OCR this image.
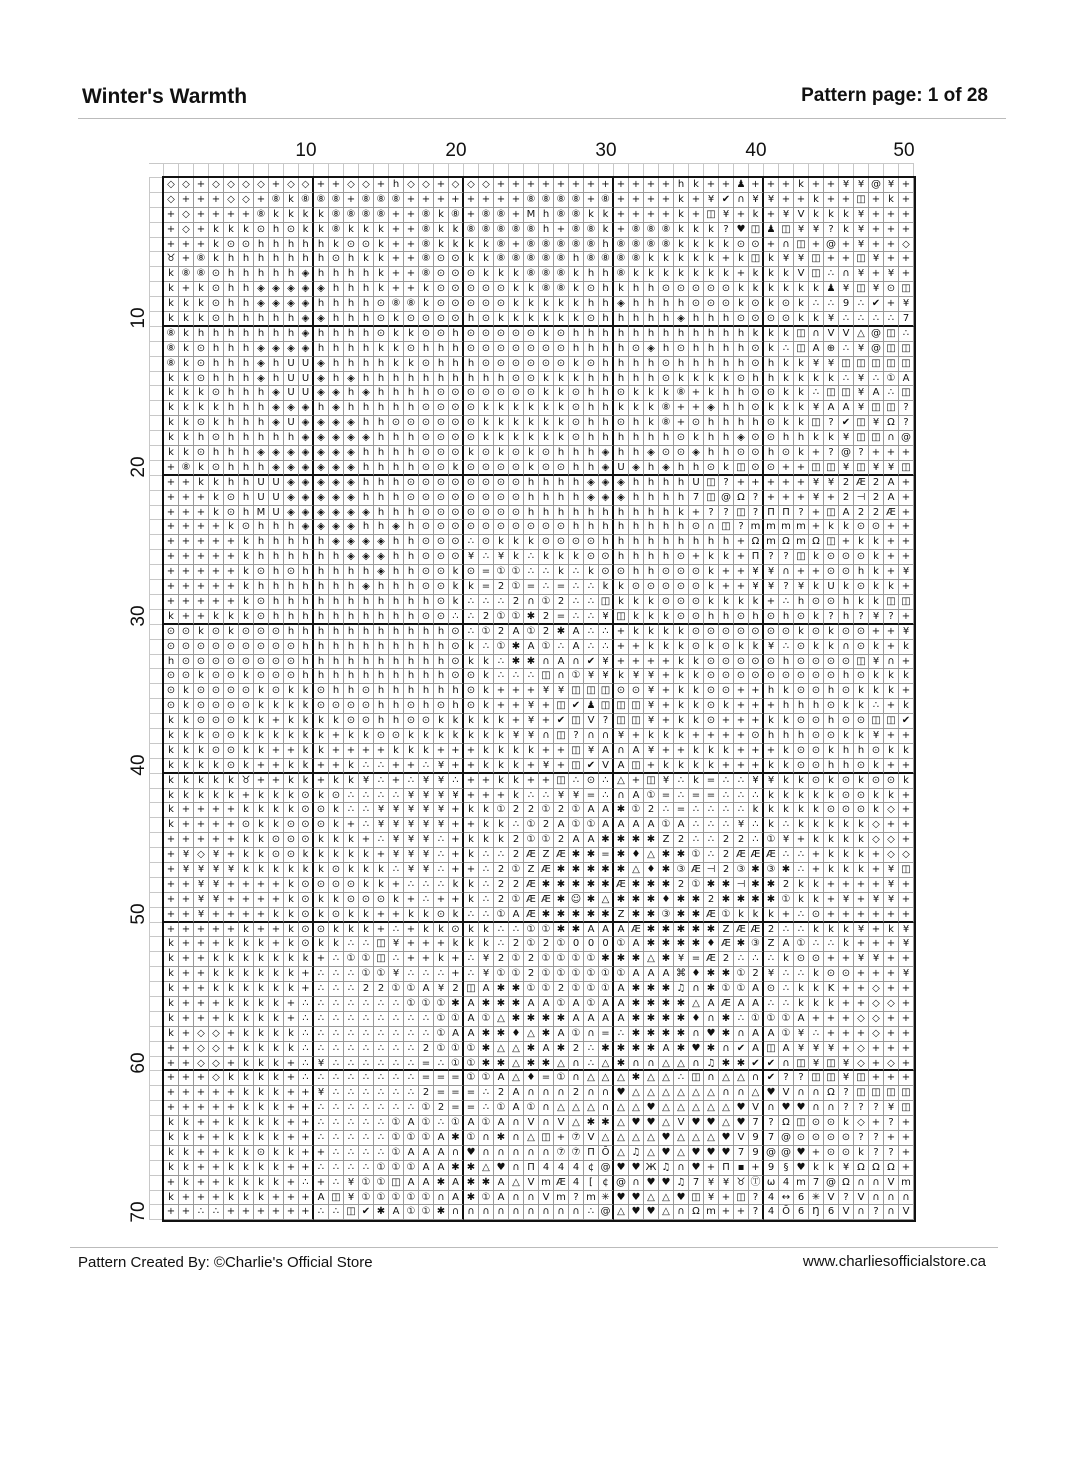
Winter's Warmth	Pattern page: 1 of 28
10	20	30	40	50
10
20
30
40
50
60
70
◇ ◇ + ◇ ◇ ◇ ◇ + ◇ ◇ + + ◇ ◇ + h ◇ ◇ + ◇ ◇ ◇ + + + + + + + + + + + + h k + + ♟ + + + k + + ¥ ¥ @ ¥ +
◇ + + + ◇ ◇ + ⑧ k ⑧ ⑧ ⑧ + ⑧ ⑧ ⑧ + + + + + + + + ⑧ ⑧ ⑧ ⑧ + ⑧ + + + + k + ¥ ✔ ∩ ¥ ¥ + + k + + ◫ + k +
+ ◇ + + + + ⑧ k k k k ⑧ ⑧ ⑧ ⑧ + + ⑧ k ⑧ + ⑧ ⑧ + M h ⑧ ⑧ k k + + + + k + ◫ ¥ + k + ¥ V k k k ¥ + + +
+ ◇ + k k k ⊙ h ⊙ k k ⑧ k k k + + ⑧ k k ⑧ ⑧ ⑧ ⑧ ⑧ h + ⑧ ⑧ k + ⑧ ⑧ ⑧ k k k ? ♥ ◫ ♟ ◫ ¥ ¥ ? k ¥ + + +
+ + + k ⊙ ⊙ h h h h h k ⊙ ⊙ k + + ⑧ k k k k ⑧ + ⑧ ⑧ ⑧ ⑧ ⑧ h ⑧ ⑧ ⑧ ⑧ k k k k ⊙ ⊙ + ∩ ◫ + @ + ¥ + + ◇
♉ + ⑧ k h h h h h h h ⊙ h k k + + ⑧ ⊙ ⊙ k k ⑧ ⑧ ⑧ ⑧ ⑧ h ⑧ ⑧ ⑧ ⑧ k k k k k + k ◫ k ¥ ¥ ◫ + + ◫ ¥ + +
k ⑧ ⑧ ⊙ h h h h h ◈ h h h h k + + ⑧ ⊙ ⊙ ⊙ k k k ⑧ ⑧ ⑧ k h h ⑧ k k k k k k k + k k k V ◫ ∴ ∩ ¥ + ¥ +
k + k ⊙ h h ◈ ◈ ◈ ◈ ◈ h h h k + + k ⊙ ⊙ ⊙ ⊙ ⊙ k k ⑧ ⑧ k ⊙ h k h h ⊙ ⊙ ⊙ ⊙ ⊙ k k k k k k ♟ ¥ ◫ ¥ ⊙ ◫
k k k ⊙ h h ◈ ◈ ◈ ◈ h h h h ⊙ ⑧ ⑧ k ⊙ ⊙ ⊙ ⊙ ⊙ k k k k k h h ◈ h h h h ⊙ ⊙ ⊙ k ⊙ k ⊙ k ∴ ∴ 9 ∴ ✔ + ¥
k k k ⊙ h h h h h ◈ ◈ h h h ⊙ k ⊙ ⊙ ⊙ ⊙ h ⊙ k k k k k k ⊙ h h h h h ◈ h h h ⊙ ⊙ ⊙ ⊙ k k ¥ ∴ ∴ ∴ ∴ 7
⑧ k h h h h h h h ◈ h h h h ⊙ k k ⊙ ⊙ h ⊙ ⊙ ⊙ ⊙ ⊙ k ⊙ h h h h h h h h h h h h k k k ◫ ∩ V V △ @ ◫ ∴
⑧ k ⊙ h h h ◈ ◈ ◈ ◈ h h h h k k ⊙ h h h ⊙ ⊙ ⊙ ⊙ ⊙ ⊙ ⊙ h h h h ⊙ ◈ h ⊙ h h h h ⊙ k ∴ ◫ A ⊕ ∴ ¥ @ ◫ ◫
⑧ k ⊙ h h h ◈ h U U ◈ h h h h k k ⊙ h h h ⊙ ⊙ ⊙ ⊙ ⊙ ⊙ k ⊙ h h h h ⊙ h h h h h ⊙ h k k ¥ ¥ ◫ ◫ ◫ ◫ ◫
k k ⊙ h h h ◈ h U U ◈ h ◈ h h h h h h h h h h ⊙ ⊙ k k k h h h h h ⊙ k k k k ⊙ h h k k k k ∴ ¥ ∴ ① A
k k k ⊙ h h h ◈ U U ◈ ◈ h ◈ h h h h ⊙ ⊙ ⊙ ⊙ ⊙ ⊙ ⊙ k k ⊙ h h ⊙ k k k ⑧ + k h h ⊙ ⊙ k k ∴ ◫ ◫ ¥ A ∴ ◫
k k k k h h h ◈ ◈ ◈ h ◈ h h h h h ⊙ ⊙ ⊙ ⊙ k k k k k k ⊙ h h k k k ⑧ + + ◈ h h ⊙ k k k ¥ A A ¥ ◫ ◫ ?
k k ⊙ k h h h ◈ U ◈ ◈ ◈ ◈ h h ⊙ ⊙ ⊙ ⊙ ⊙ ⊙ k k k k k k ⊙ h h ⊙ h k ⑧ + ⊙ h h h h ⊙ k k ◫ ? ✔ ◫ ¥ Ω ?
k k h ⊙ h h h h h ◈ ◈ ◈ ◈ ◈ h h h ⊙ ⊙ ⊙ ⊙ k k k k k k ⊙ h h h h h h ⊙ k h h ◈ ⊙ ⊙ h h k k ¥ ◫ ◫ ∩ @
k k ⊙ h h h ◈ ◈ ◈ ◈ ◈ ◈ ◈ h h h h ⊙ ⊙ ⊙ k ⊙ k ⊙ k ⊙ h h h ◈ h h ◈ ⊙ ⊙ ◈ h h ⊙ ⊙ h ⊙ k + ? @ ? + + +
+ ⑧ k ⊙ h h h ◈ ◈ ◈ ◈ ◈ ◈ h h h h ⊙ ⊙ k ⊙ ⊙ ⊙ ⊙ k ⊙ ⊙ h h ◈ U ◈ h ◈ h h ⊙ k ◫ ⊙ ⊙ + + ◫ ◫ ¥ ◫ ¥ ¥ ◫
+ + k k h h U U ◈ ◈ ◈ ◈ ◈ h h h ⊙ ⊙ ⊙ ⊙ ⊙ ⊙ ⊙ ⊙ h h h h ◈ ◈ ◈ h h h h U ◫ ? + + + + + ¥ ¥ 2 Æ 2 A +
+ + + k ⊙ h U U ◈ ◈ ◈ ◈ ◈ h h h ⊙ ⊙ ⊙ ⊙ ⊙ ⊙ ⊙ ⊙ h h h h ◈ ◈ ◈ h h h h 7 ◫ @ Ω ? + + + ¥ + 2 ⊣ 2 A +
+ + + k ⊙ h M U ◈ ◈ ◈ ◈ ◈ ◈ h h h ⊙ ⊙ ⊙ ⊙ ⊙ ⊙ ⊙ h h h h h h h h h h k + ? ? ◫ ? Π Π ? + ◫ A 2 2 Æ +
+ + + + k ⊙ h h h ◈ ◈ ◈ ◈ h h ◈ h ⊙ ⊙ ⊙ ⊙ ⊙ ⊙ ⊙ ⊙ ⊙ ⊙ h h h h h h h h ⊙ ∩ ◫ ? m m m m + k k ⊙ ⊙ + +
+ + + + + k h h h h h ◈ ◈ ◈ ◈ h h ⊙ ⊙ ⊙ ∴ ⊙ k k k ⊙ ⊙ ⊙ ⊙ h h h h h h h h h + Ω m Ω m Ω ◫ + k k + +
+ + + + + k h h h h h h ◈ ◈ ◈ h h ⊙ ⊙ ⊙ ¥ ∴ ¥ k ∴ k k k ⊙ ⊙ h h h h ⊙ + k k + Π ? ? ◫ k ⊙ ⊙ ⊙ k + +
+ + + + + k ⊙ h ⊙ h h h h h ◈ h h ⊙ ⊙ k ⊙ = ① ① ∴ ∴ k ∴ k ⊙ ⊙ h h ⊙ ⊙ ⊙ k + + ¥ ¥ ∩ + + ⊙ ⊙ h k + ¥
+ + + + + k h h h h h h h ◈ h h h ⊙ ⊙ k k = 2 ① = ∴ = ∴ ∴ k k ⊙ ⊙ ⊙ ⊙ ⊙ k + + ¥ ¥ ? ¥ k U k ⊙ k k +
+ + + + + k ⊙ h h h h h h h h h h h ⊙ k ∴ ∴ ∴ 2 ∩ ① 2 ∴ ∴ ◫ k k k ⊙ ⊙ ⊙ k k k k + ∴ h ⊙ ⊙ h k k ◫ ◫
k + + k k k ⊙ h h h h h h h h h h ⊙ ⊙ ∴ ∴ 2 ① ① ✱ 2 = ∴ ∴ ¥ ◫ k k k ⊙ ⊙ h h ⊙ h ⊙ h ⊙ k ? h ? ¥ ? +
⊙ ⊙ k ⊙ k ⊙ ⊙ ⊙ h h h h h h h h h h h ⊙ ∴ ① 2 A ① 2 ✱ A ∴ ∴ + k k k k ⊙ ⊙ ⊙ ⊙ ⊙ ⊙ ⊙ k ⊙ k ⊙ ⊙ + + ¥
⊙ ⊙ ⊙ ⊙ ⊙ ⊙ ⊙ ⊙ ⊙ h h h h h h h h h h ⊙ k ∴ ① ✱ A ① ∴ A ∴ ∴ + + k k k ⊙ k ⊙ k k ¥ ∴ ⊙ k k ∩ ⊙ k + k
h ⊙ ⊙ ⊙ ⊙ ⊙ ⊙ ⊙ ⊙ h h h h h h h h h h ⊙ k k ∴ ✱ ✱ ∩ A ∩ ✔ ¥ + + + + k k ⊙ ⊙ ⊙ ⊙ ⊙ h ⊙ ⊙ ⊙ ⊙ ◫ ¥ ∩ +
⊙ ⊙ k ⊙ ⊙ k ⊙ ⊙ ⊙ h h h h h h h h h h ⊙ ⊙ k ∴ ∴ ∴ ◫ ∩ ① ¥ ¥ k ¥ ¥ + k k ⊙ ⊙ ⊙ ⊙ ⊙ ⊙ ⊙ ⊙ ⊙ h ⊙ k k k
⊙ k ⊙ ⊙ ⊙ ⊙ k ⊙ k k ⊙ h h ⊙ h h h h h h ⊙ k + + + ¥ ¥ ◫ ◫ ◫ ⊙ ⊙ ¥ + k k ⊙ ⊙ + + h k ⊙ ⊙ h ⊙ k k k +
⊙ k ⊙ ⊙ ⊙ ⊙ k k k k ⊙ ⊙ ⊙ ⊙ h h ⊙ h ⊙ h ⊙ k + + ¥ + ◫ ✔ ♟ ◫ ◫ ◫ ¥ + k k ⊙ k + + + h h h ⊙ k k ∴ + k
k k ⊙ ⊙ ⊙ k k + k k k k ⊙ ⊙ h h ⊙ ⊙ k k k k k + ¥ + ✔ ◫ V ? ◫ ◫ ¥ + k k ⊙ + + + k k ⊙ ⊙ h ⊙ ⊙ ◫ ◫ ✔
k k k ⊙ ⊙ k k k k k k + k k ⊙ ⊙ k k k k k k k ¥ ¥ ∩ ◫ ? ∩ ∩ ¥ + k k k + + + + ⊙ h h h ⊙ ⊙ k k ¥ + +
k k k ⊙ ⊙ k k + + k k + + + + k k k + + + k k k k + + ◫ ¥ A ∩ A ¥ + + k k k + + + k ⊙ ⊙ k h h ⊙ k k
k k k k ⊙ k + + k k + + k ∴ ∴ + + ∴ ¥ + + k k k + ¥ + ◫ ✔ V A ◫ + k k k k + + + k k ⊙ ⊙ h h ⊙ k + +
k k k k k ♉ + + k k + k k ¥ ∴ + ∴ ¥ ¥ ∴ + + k k + + ◫ ∴ ⊙ ∴ △ + ◫ ¥ ∴ k = ∴ ∴ ¥ ¥ k k ⊙ k ⊙ k ⊙ ⊙ k
k k k k k + k k k ⊙ k ⊙ ∴ ∴ ∴ ∴ ¥ ¥ ¥ ¥ + + + k ∴ ∴ ¥ ¥ = ∴ ∩ A ① = ∴ = = ∴ ∴ ∴ k k k k k ⊙ ⊙ k k +
k + + + + k k k k ⊙ ⊙ k ∴ ∴ ¥ ¥ ¥ ¥ ¥ + k k ① 2 2 ① 2 ① A A ✱ ① 2 ∴ = ∴ ∴ ∴ ∴ k k k k k ⊙ ⊙ ⊙ k ◇ +
k + + + + ⊙ k k ⊙ ⊙ ⊙ k + ∴ ¥ ¥ ¥ ¥ ¥ + + k k ∴ ① 2 A ① ① A A A A ① A ∴ ∴ ∴ ¥ ∴ k ∴ k k k k k ◇ + +
+ + + + + k k ⊙ ⊙ ⊙ k k k + ∴ ¥ ¥ ¥ ∴ + k k k 2 ① ① 2 A A ✱ ✱ ✱ ✱ Z 2 ∴ ∴ 2 2 ∴ ① ¥ + k k k k ◇ ◇ +
+ ¥ ◇ ¥ + k k ⊙ ⊙ k k k k k + ¥ ¥ ¥ ∴ + k ∴ ∴ 2 Æ Z Æ ✱ ✱ = ✱ ♦ △ ✱ ✱ ① ∴ 2 Æ Æ Æ ∴ ∴ + k k k + ◇ ◇
+ ¥ ¥ ¥ ¥ k k k k k k ⊙ k k k ∴ ¥ ¥ ∴ + + ∴ 2 ① Z Æ ✱ ✱ ✱ ✱ ✱ △ ♦ ✱ ③ Æ ⊣ 2 ③ ✱ ③ ✱ ∴ + k k k + ¥ ◫
+ + ¥ ¥ + + + + k ⊙ ⊙ ⊙ ⊙ k k + ∴ ∴ ∴ k k ∴ 2 2 Æ ✱ ✱ ✱ ✱ ✱ Æ ✱ ✱ ✱ 2 ① ✱ ✱ ⊣ ✱ ✱ 2 k k + + + + ¥ +
+ + ¥ ¥ + + + + k ⊙ k k ⊙ ⊙ ⊙ k + ∴ + + k ∴ 2 ① Æ Æ ✱ ☺ ✱ △ ✱ ✱ ✱ ♦ ✱ ✱ 2 ✱ ✱ ✱ ✱ ① k k + ¥ + ¥ ¥ +
+ + ¥ + + + + k k ⊙ k ⊙ k k + + k k ⊙ k ∴ ∴ ① A Æ ✱ ✱ ✱ ✱ ✱ Z ✱ ✱ ③ ✱ ✱ Æ ① k k k + ∴ ⊙ + + + + + +
+ + + + + k + + k ⊙ ⊙ k k k + ∴ + k k ⊙ k k ∴ ∴ ① ① ✱ ✱ A A A Æ ✱ ✱ ✱ ✱ ✱ Z Æ Æ 2 ∴ ∴ k k k ¥ + k ¥
k + + + k k k + k ⊙ k k ∴ ∴ ◫ ¥ + + + k k k ∴ 2 ① 2 ① 0 0 0 ① A ✱ ✱ ✱ ✱ ♦ Æ ✱ ③ Z A ① ∴ ∴ k + + + ¥
k + + k k k k k k k + ∴ ① ① ◫ ∴ + + k + ∴ ¥ 2 ① 2 ① ① ① ① ✱ ✱ ✱ △ ✱ ¥ = Æ 2 ∴ ∴ ∴ k ⊙ ⊙ + + ¥ ¥ + +
k + + k k k k k k + ∴ ∴ ∴ ① ① ¥ ∴ ∴ ∴ + ∴ ¥ ① ① 2 ① ① ① ① ① ① A A A ⌘ ♦ ✱ ✱ ① 2 ¥ ∴ ∴ k ⊙ ⊙ + + + ¥
k + + k k k k k k + ∴ ∴ ∴ 2 2 ① ① A ¥ 2 ◫ A ✱ ✱ ① ① 2 ① ① ① A ✱ ✱ ✱ ♫ ∩ ✱ ① ① A ⊙ ∴ k k K + + ◇ + +
k + + + k k k k + ∴ ∴ ∴ ∴ ∴ ∴ ∴ ① ① ① ✱ A ✱ ✱ ✱ A A ① A ① A A ✱ ✱ ✱ ✱ △ A Æ A A ∴ ∴ k k k + + ◇ ◇ +
k + + + k k k k + ∴ ∴ ∴ ∴ ∴ ∴ ∴ ∴ ∴ ① ① A ① △ ✱ ✱ ✱ ✱ A A A A ✱ ✱ ✱ ✱ ♦ ∩ ✱ ∴ ① ① ① A + + + ◇ ◇ + +
k + ◇ ◇ + k k k k ∴ ∴ ∴ ∴ ∴ ∴ ∴ ∴ ∴ ① A A ✱ ✱ ♦ △ ✱ A ① ∩ = ∴ ✱ ✱ ✱ ✱ ∩ ♥ ✱ ∩ A A ① ¥ ∴ + + + ◇ + +
+ + ◇ ◇ + k k k k ∴ ∴ ∴ ∴ ∴ ∴ ∴ ∴ 2 ① ① ① ✱ △ △ ✱ A ✱ 2 ∴ ✱ ✱ ✱ ✱ A ✱ ♥ ✱ ∩ ✔ A ◫ A ¥ ¥ ¥ + ◇ + + +
+ + ◇ ◇ + k k k + ∴ ¥ ∴ ∴ ∴ ∴ ∴ ∴ = ∴ ① ① ✱ ✱ △ ✱ ✱ △ ∩ ∴ △ ✱ ∩ ∩ △ △ ∩ ♫ ✱ ✱ ✔ ✔ ∩ ◫ ¥ ◫ ¥ ◇ + ◇ +
+ + + ◇ k k k k + ∴ ∴ ∴ ∴ ∴ ∴ ∴ ∴ = = = ① ① A △ ♦ = ① ∩ △ △ △ ✱ △ △ ∴ ◫ ∩ △ △ ∩ ✔ ? ? ◫ ◫ ¥ ◫ + + +
+ + + + + k k k + + ¥ ∴ ∴ ∴ ∴ ∴ ∴ 2 = = = ∴ 2 A ∩ ∩ ∩ 2 ∩ ∩ ♥ △ △ △ △ △ △ ∩ ∩ △ ♥ V ∩ ∩ Ω ? ◫ ◫ ◫ ◫
+ + + + + k k k + + ∴ ∴ ∴ ∴ ∴ ∴ ∴ ① 2 = = ∴ ① A ① ∩ △ △ △ ∩ △ △ ♥ △ △ △ △ △ ♥ V ∩ ♥ ♥ ∩ ∩ ? ? ? ¥ ◫
k k + + k k k k + + ∴ ∴ ∴ ∴ ∴ ① A ① ∴ ① A ① A ∩ V ∩ V △ ✱ ✱ △ ♥ ♥ △ V ♥ ♥ △ ♥ 7 ? Ω ◫ ⊙ ⊙ k ◇ + ? +
k k + + k k k k + + ∴ ∴ ∴ ∴ ∴ ① ① ① A ✱ ① ∩ ✱ ∩ △ ◫ + ⑦ V △ △ △ △ ♥ △ △ △ ♥ V 9 7 @ ⊙ ⊙ ⊙ ⊙ ? ? + +
k k + + k k ⊙ k k + + ∴ ∴ ∴ ∴ ① A A A ∩ ♥ ∩ ∩ ∩ ∩ ∩ ⑦ ⑦ Π Ō △ ♫ △ ♥ △ ♥ ♥ ♥ 7 9 @ @ ♥ + ⊙ ⊙ k ? ? +
k k + + k k k k + + ∴ ∴ ∴ ∴ ① ① ① A A ✱ ✱ △ ♥ ∩ Π 4 4 4 ¢ @ ♥ ♥ Ж ♫ ∩ ♥ + Π ▪ + 9 § ♥ k k ¥ Ω Ω Ω +
+ k + + k k k k + ∴ + ∴ ¥ ① ① ◫ A A ✱ A ✱ ✱ A △ V m Æ 4 [ ¢ @ ∩ ♥ ♥ ♫ 7 ¥ ¥ ♉ Ⓣ ω 4 m 7 @ Ω ∩ ∩ V m
k + + + k k k + + + A ◫ ¥ ① ① ① ① ① ∩ A ✱ ① A ∩ ∩ V m ? m ✳ ♥ ♥ △ △ ♥ ◫ ¥ + ◫ ? 4 ↔ 6 ✳ V ? V ∩ ∩ ∩
+ + ∴ ∴ + + + + + + ∴ ∴ ◫ ✔ ✱ A ① ① ✱ ∩ ∩ ∩ ∩ ∩ ∩ ∩ ∩ ∩ ∴ @ △ ♥ ♥ △ ∩ Ω m + + ? 4 Ō 6 Ŋ 6 V ∩ ? ∩ V
Pattern Created By: ©Charlie's Official Store	www.charliesofficialstore.ca
